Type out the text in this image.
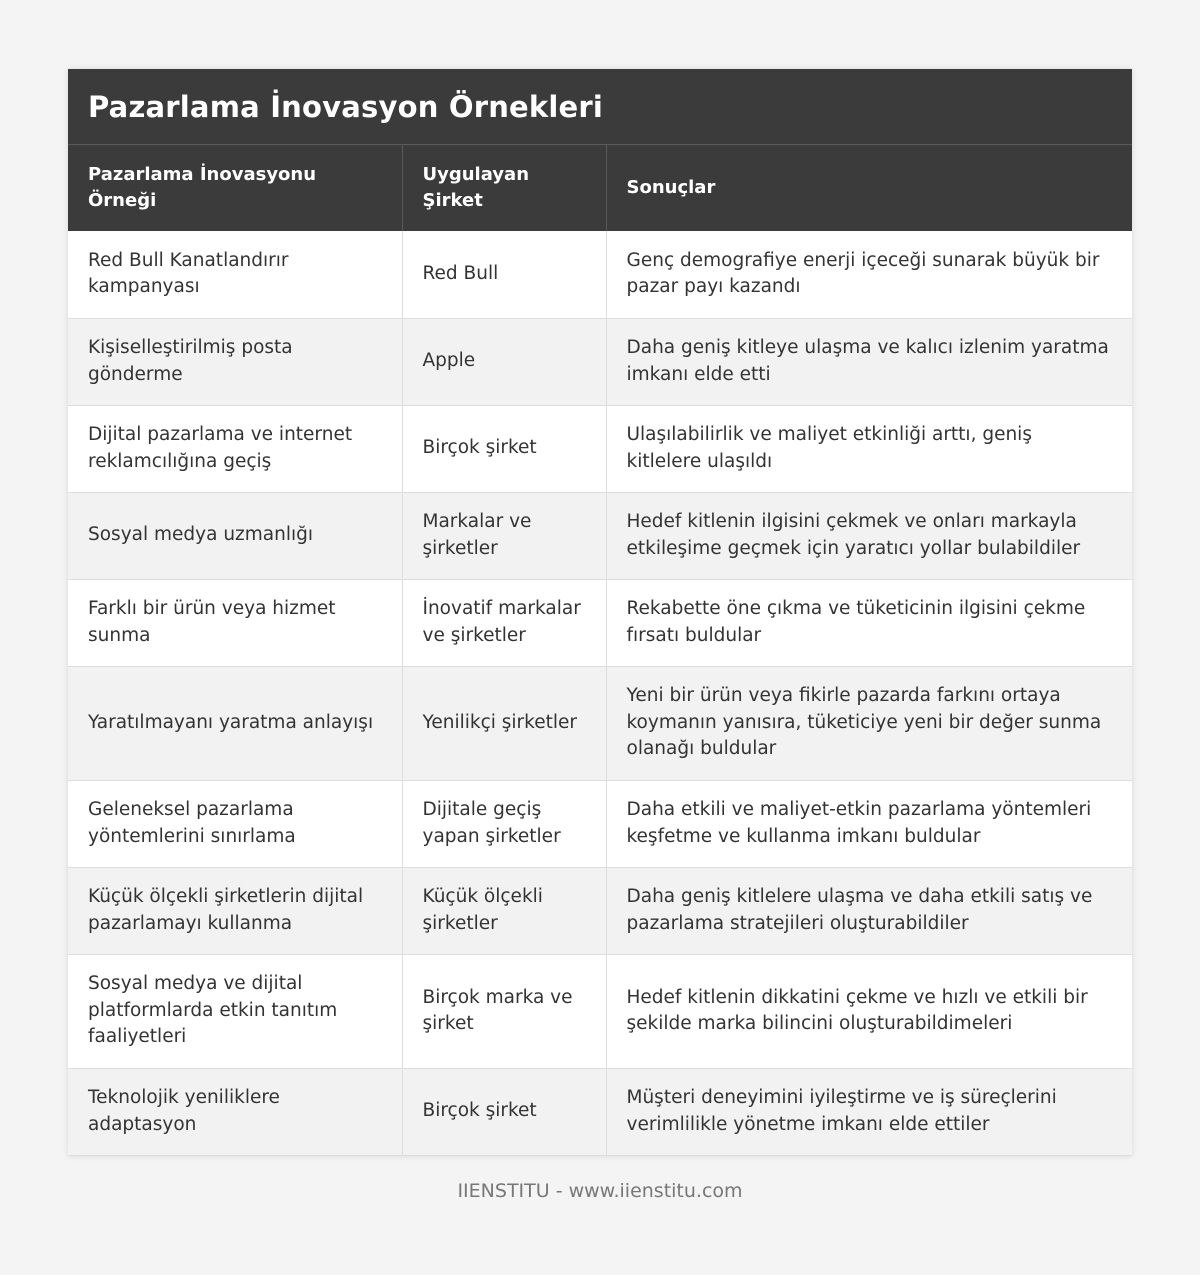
Pazarlama İnovasyon Örnekleri
Pazarlama İnovasyonu Örneği	Uygulayan Şirket	Sonuçlar
Red Bull Kanatlandırır kampanyası	Red Bull	Genç demografiye enerji içeceği sunarak büyük bir pazar payı kazandı
Kişiselleştirilmiş posta gönderme	Apple	Daha geniş kitleye ulaşma ve kalıcı izlenim yaratma imkanı elde etti
Dijital pazarlama ve internet reklamcılığına geçiş	Birçok şirket	Ulaşılabilirlik ve maliyet etkinliği arttı, geniş kitlelere ulaşıldı
Sosyal medya uzmanlığı	Markalar ve şirketler	Hedef kitlenin ilgisini çekmek ve onları markayla etkileşime geçmek için yaratıcı yollar bulabildiler
Farklı bir ürün veya hizmet sunma	İnovatif markalar ve şirketler	Rekabette öne çıkma ve tüketicinin ilgisini çekme fırsatı buldular
Yaratılmayanı yaratma anlayışı	Yenilikçi şirketler	Yeni bir ürün veya fikirle pazarda farkını ortaya koymanın yanısıra, tüketiciye yeni bir değer sunma olanağı buldular
Geleneksel pazarlama yöntemlerini sınırlama	Dijitale geçiş yapan şirketler	Daha etkili ve maliyet-etkin pazarlama yöntemleri keşfetme ve kullanma imkanı buldular
Küçük ölçekli şirketlerin dijital pazarlamayı kullanma	Küçük ölçekli şirketler	Daha geniş kitlelere ulaşma ve daha etkili satış ve pazarlama stratejileri oluşturabildiler
Sosyal medya ve dijital platformlarda etkin tanıtım faaliyetleri	Birçok marka ve şirket	Hedef kitlenin dikkatini çekme ve hızlı ve etkili bir şekilde marka bilincini oluşturabildimeleri
Teknolojik yeniliklere adaptasyon	Birçok şirket	Müşteri deneyimini iyileştirme ve iş süreçlerini verimlilikle yönetme imkanı elde ettiler
IIENSTITU - www.iienstitu.com
